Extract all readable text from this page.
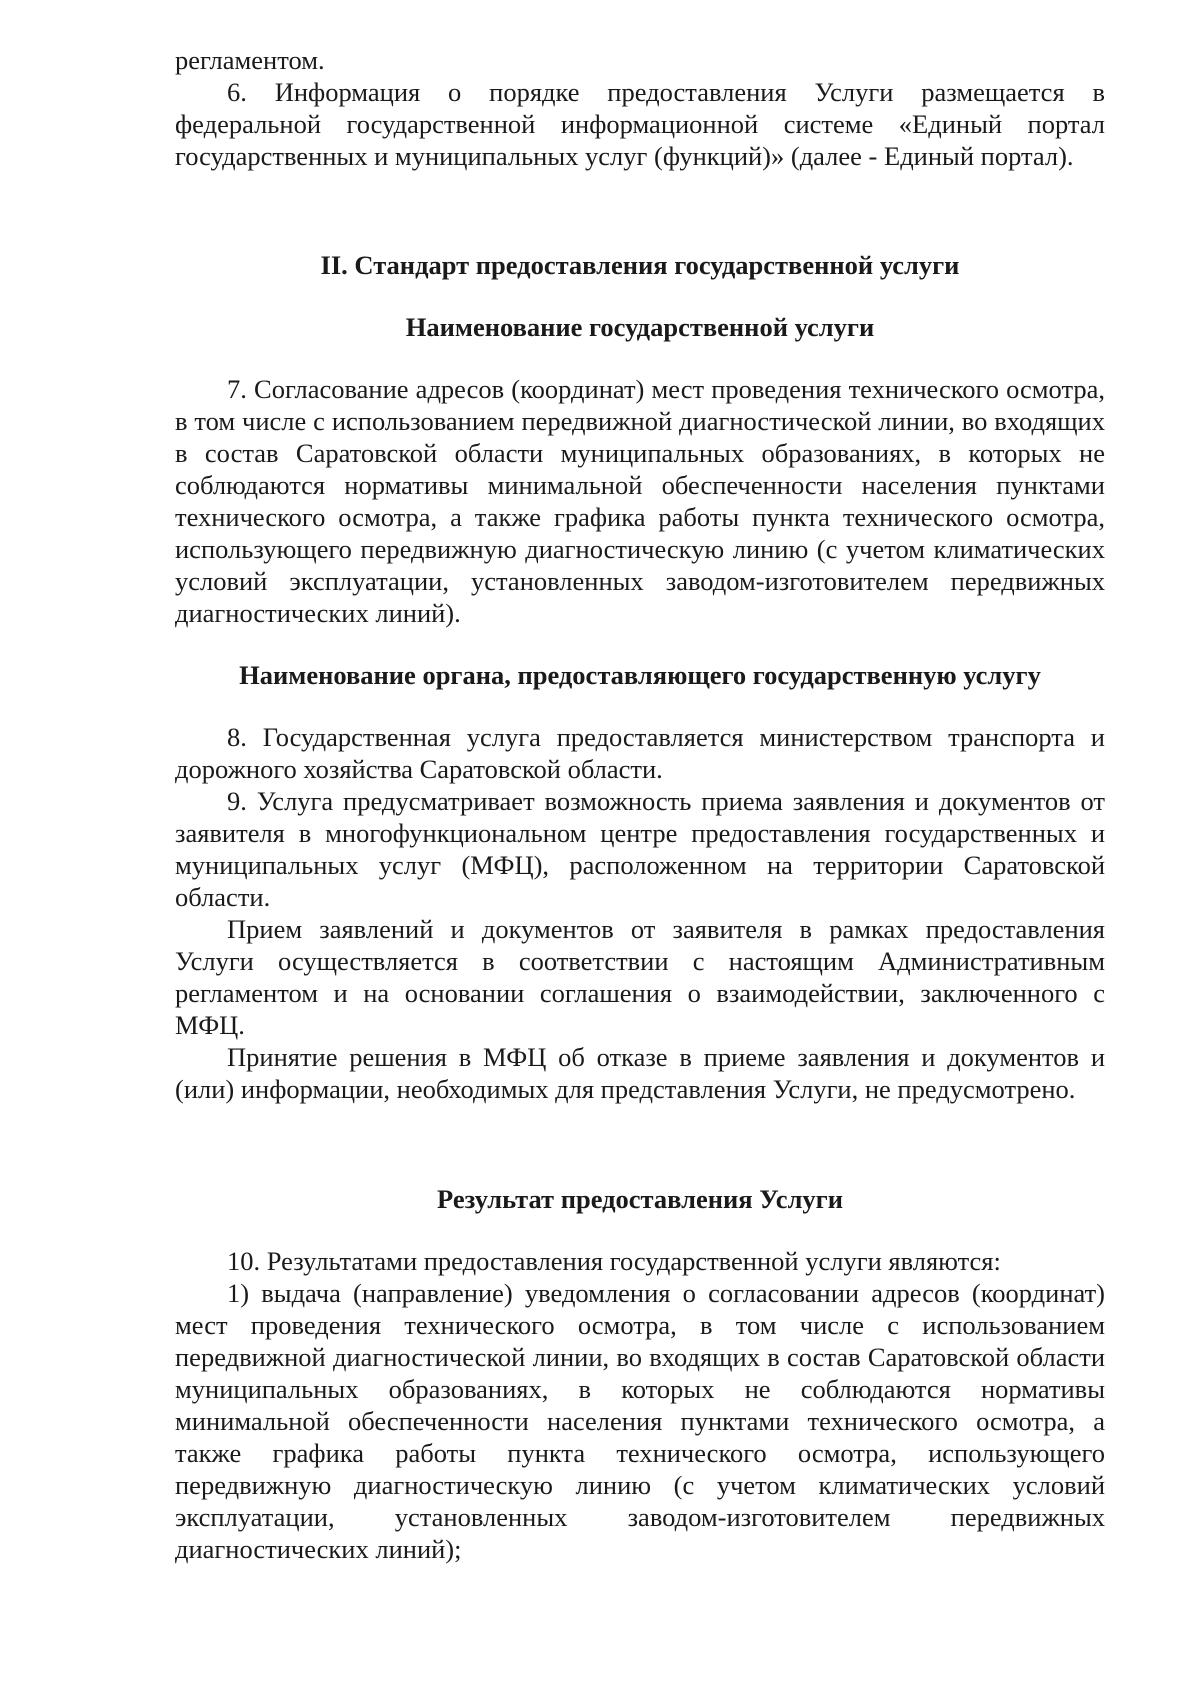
регламентом.

6. Информация о порядке предоставления Услуги размещается в федеральной государственной информационной системе «Единый портал государственных и муниципальных услуг (функций)» (далее - Единый портал).

II. Стандарт предоставления государственной услуги

Наименование государственной услуги

7. Согласование адресов (координат) мест проведения технического осмотра, в том числе с использованием передвижной диагностической линии, во входящих в состав Саратовской области муниципальных образованиях, в которых не соблюдаются нормативы минимальной обеспеченности населения пунктами технического осмотра, а также графика работы пункта технического осмотра, использующего передвижную диагностическую линию (с учетом климатических условий эксплуатации, установленных заводом-изготовителем передвижных диагностических линий).

Наименование органа, предоставляющего государственную услугу

8. Государственная услуга предоставляется министерством транспорта и дорожного хозяйства Саратовской области.

9. Услуга предусматривает возможность приема заявления и документов от заявителя в многофункциональном центре предоставления государственных и муниципальных услуг (МФЦ), расположенном на территории Саратовской области.

Прием заявлений и документов от заявителя в рамках предоставления Услуги осуществляется в соответствии с настоящим Административным регламентом и на основании соглашения о взаимодействии, заключенного с МФЦ.

Принятие решения в МФЦ об отказе в приеме заявления и документов и (или) информации, необходимых для представления Услуги, не предусмотрено.

Результат предоставления Услуги

10. Результатами предоставления государственной услуги являются:

1) выдача (направление) уведомления о согласовании адресов (координат) мест проведения технического осмотра, в том числе с использованием передвижной диагностической линии, во входящих в состав Саратовской области муниципальных образованиях, в которых не соблюдаются нормативы минимальной обеспеченности населения пунктами технического осмотра, а также графика работы пункта технического осмотра, использующего передвижную диагностическую линию (с учетом климатических условий эксплуатации, установленных заводом-изготовителем передвижных диагностических линий);
